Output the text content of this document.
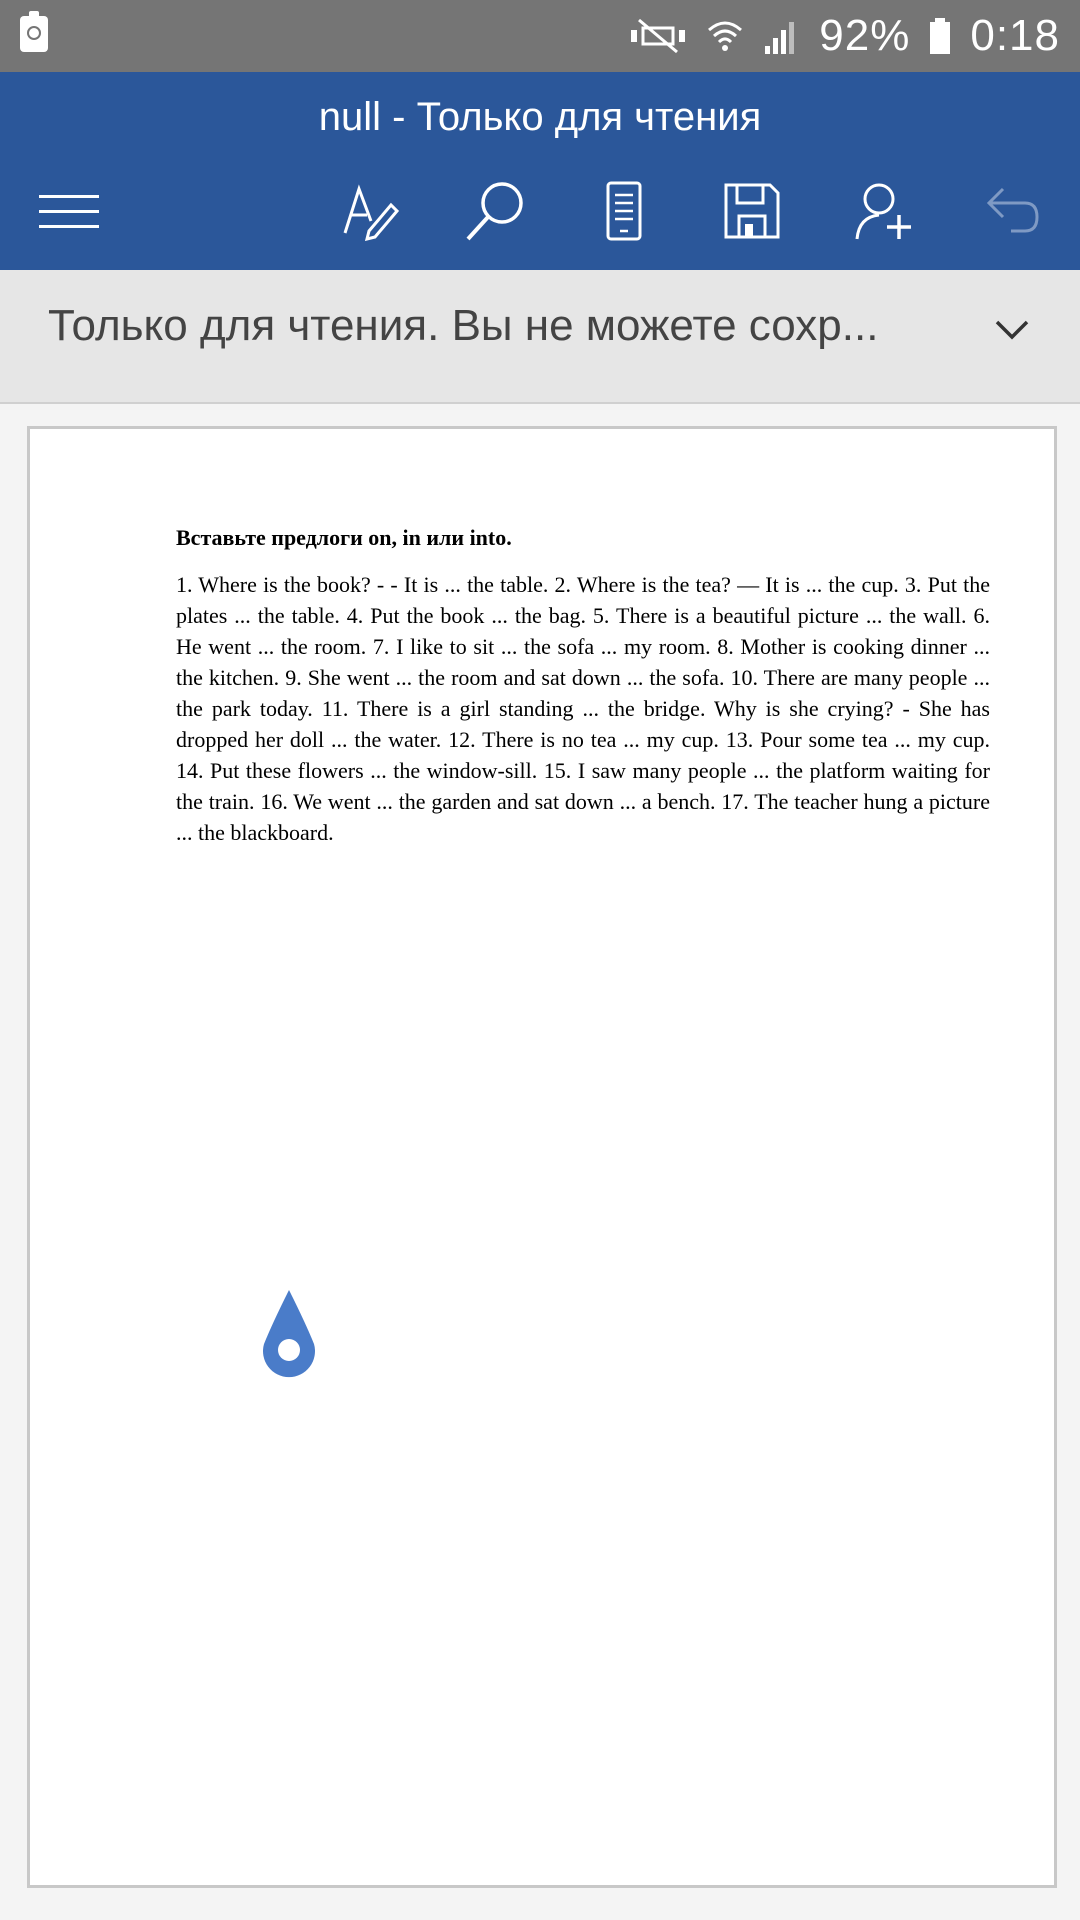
92% 0:18
null - Только для чтения
Только для чтения. Вы не можете сохр...
Вставьте предлоги on, in или into.
1. Where is the book? - - It is ... the table. 2. Where is the tea? — It is ... the cup. 3. Put the plates ... the table. 4. Put the book ... the bag. 5. There is a beautiful picture ... the wall. 6. He went ... the room. 7. I like to sit ... the sofa ... my room. 8. Mother is cooking dinner ... the kitchen. 9. She went ... the room and sat down ... the sofa. 10. There are many people ... the park today. 11. There is a girl standing ... the bridge. Why is she crying? - She has dropped her doll ... the water. 12. There is no tea ... my cup. 13. Pour some tea ... my cup. 14. Put these flowers ... the window-sill. 15. I saw many people ... the platform waiting for the train. 16. We went ... the garden and sat down ... a bench. 17. The teacher hung a picture ... the blackboard.
